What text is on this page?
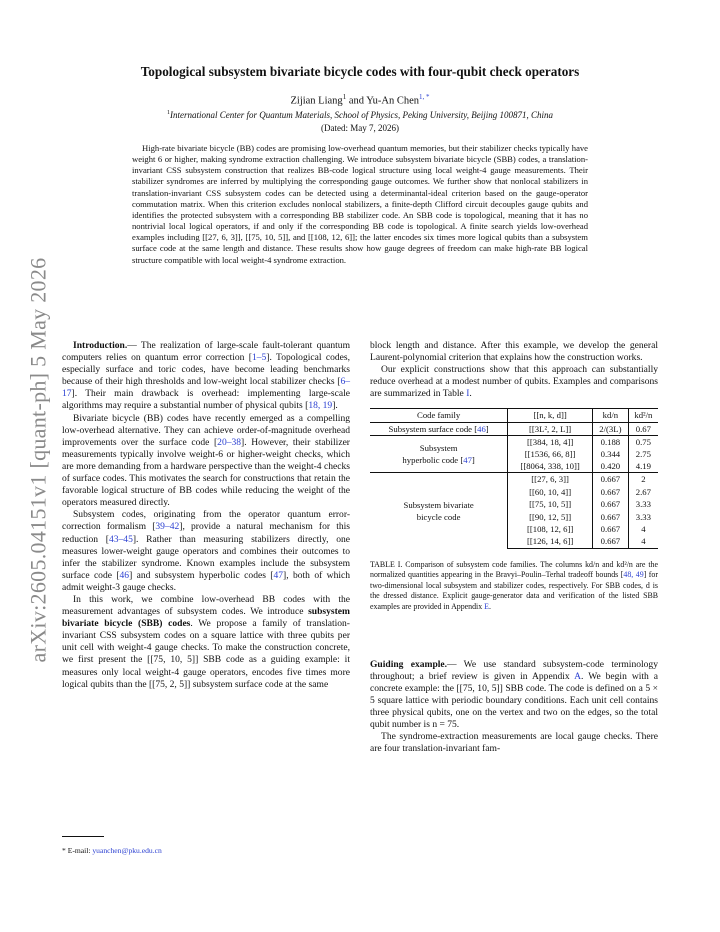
arXiv:2605.04151v1 [quant-ph] 5 May 2026
Topological subsystem bivariate bicycle codes with four-qubit check operators
Zijian Liang$^1$ and Yu-An Chen$^{1, *}$
$^1$International Center for Quantum Materials, School of Physics, Peking University, Beijing 100871, China
(Dated: May 7, 2026)
High-rate bivariate bicycle (BB) codes are promising low-overhead quantum memories, but their stabilizer checks typically have weight 6 or higher, making syndrome extraction challenging. We introduce subsystem bivariate bicycle (SBB) codes, a translation-invariant CSS subsystem construction that realizes BB-code logical structure using local weight-4 gauge measurements. Their stabilizer syndromes are inferred by multiplying the corresponding gauge outcomes. We further show that nonlocal stabilizers in translation-invariant CSS subsystem codes can be detected using a determinantal-ideal criterion based on the gauge-operator commutation matrix. When this criterion excludes nonlocal stabilizers, a finite-depth Clifford circuit decouples gauge qubits and identifies the protected subsystem with a corresponding BB stabilizer code. An SBB code is topological, meaning that it has no nontrivial local logical operators, if and only if the corresponding BB code is topological. A finite search yields low-overhead examples including [[27, 6, 3]], [[75, 10, 5]], and [[108, 12, 6]]; the latter encodes six times more logical qubits than a subsystem surface code at the same length and distance. These results show how gauge degrees of freedom can make high-rate BB logical structure compatible with local weight-4 syndrome extraction.

Introduction.— The realization of large-scale fault-tolerant quantum computers relies on quantum error correction [1–5]. Topological codes, especially surface and toric codes, have become leading benchmarks because of their high thresholds and low-weight local stabilizer checks [6–17]. Their main drawback is overhead: implementing large-scale algorithms may require a substantial number of physical qubits [18, 19].

Bivariate bicycle (BB) codes have recently emerged as a compelling low-overhead alternative. They can achieve order-of-magnitude overhead improvements over the surface code [20–38]. However, their stabilizer measurements typically involve weight-6 or higher-weight checks, which are more demanding from a hardware perspective than the weight-4 checks of surface codes. This motivates the search for constructions that retain the favorable logical structure of BB codes while reducing the weight of the operators measured directly.

Subsystem codes, originating from the operator quantum error-correction formalism [39–42], provide a natural mechanism for this reduction [43–45]. Rather than measuring stabilizers directly, one measures lower-weight gauge operators and combines their outcomes to infer the stabilizer syndrome. Known examples include the subsystem surface code [46] and subsystem hyperbolic codes [47], both of which admit weight-3 gauge checks.

In this work, we combine low-overhead BB codes with the measurement advantages of subsystem codes. We introduce subsystem bivariate bicycle (SBB) codes. We propose a family of translation-invariant CSS subsystem codes on a square lattice with three qubits per unit cell with weight-4 gauge checks. To make the construction concrete, we first present the [[75, 10, 5]] SBB code as a guiding example: it measures only local weight-4 gauge operators, encodes five times more logical qubits than the [[75, 2, 5]] subsystem surface code at the same

* E-mail: yuanchen@pku.edu.cn

block length and distance. After this example, we develop the general Laurent-polynomial criterion that explains how the construction works.

Our explicit constructions show that this approach can substantially reduce overhead at a modest number of qubits. Examples and comparisons are summarized in Table I.

Code family	[[n, k, d]]	kd/n	kd²/n
Subsystem surface code [46]	[[3L², 2, L]]	2/(3L)	0.67
Subsystem
hyperbolic code [47]	[[384, 18, 4]]	0.188	0.75
	[[1536, 66, 8]]	0.344	2.75
	[[8064, 338, 10]]	0.420	4.19
Subsystem bivariate
bicycle code	[[27, 6, 3]]	0.667	2
	[[60, 10, 4]]	0.667	2.67
	[[75, 10, 5]]	0.667	3.33
	[[90, 12, 5]]	0.667	3.33
	[[108, 12, 6]]	0.667	4
	[[126, 14, 6]]	0.667	4
TABLE I. Comparison of subsystem code families. The columns kd/n and kd²/n are the normalized quantities appearing in the Bravyi–Poulin–Terhal tradeoff bounds [48, 49] for two-dimensional local subsystem and stabilizer codes, respectively. For SBB codes, d is the dressed distance. Explicit gauge-generator data and verification of the listed SBB examples are provided in Appendix E.

Guiding example.— We use standard subsystem-code terminology throughout; a brief review is given in Appendix A. We begin with a concrete example: the [[75, 10, 5]] SBB code. The code is defined on a 5 × 5 square lattice with periodic boundary conditions. Each unit cell contains three physical qubits, one on the vertex and two on the edges, so the total qubit number is n = 75.

The syndrome-extraction measurements are local gauge checks. There are four translation-invariant fam-
